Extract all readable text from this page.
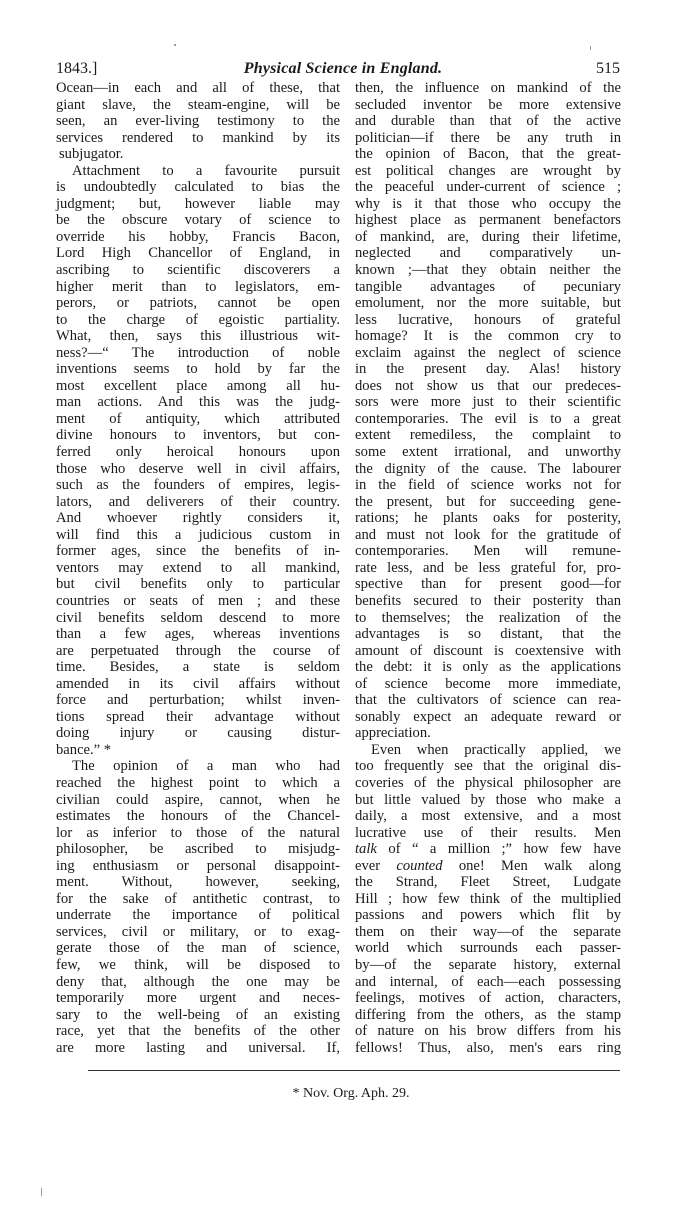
1843.]	Physical Science in England.	515
Ocean—in each and all of these, that
giant slave, the steam-engine, will be
seen, an ever-living testimony to the
services rendered to mankind by its
subjugator.
Attachment to a favourite pursuit
is undoubtedly calculated to bias the
judgment; but, however liable may
be the obscure votary of science to
override his hobby, Francis Bacon,
Lord High Chancellor of England, in
ascribing to scientific discoverers a
higher merit than to legislators, em-
perors, or patriots, cannot be open
to the charge of egoistic partiality.
What, then, says this illustrious wit-
ness?—“ The introduction of noble
inventions seems to hold by far the
most excellent place among all hu-
man actions. And this was the judg-
ment of antiquity, which attributed
divine honours to inventors, but con-
ferred only heroical honours upon
those who deserve well in civil affairs,
such as the founders of empires, legis-
lators, and deliverers of their country.
And whoever rightly considers it,
will find this a judicious custom in
former ages, since the benefits of in-
ventors may extend to all mankind,
but civil benefits only to particular
countries or seats of men ; and these
civil benefits seldom descend to more
than a few ages, whereas inventions
are perpetuated through the course of
time. Besides, a state is seldom
amended in its civil affairs without
force and perturbation; whilst inven-
tions spread their advantage without
doing injury or causing distur-
bance.” *
The opinion of a man who had
reached the highest point to which a
civilian could aspire, cannot, when he
estimates the honours of the Chancel-
lor as inferior to those of the natural
philosopher, be ascribed to misjudg-
ing enthusiasm or personal disappoint-
ment. Without, however, seeking,
for the sake of antithetic contrast, to
underrate the importance of political
services, civil or military, or to exag-
gerate those of the man of science,
few, we think, will be disposed to
deny that, although the one may be
temporarily more urgent and neces-
sary to the well-being of an existing
race, yet that the benefits of the other
are more lasting and universal. If,
then, the influence on mankind of the
secluded inventor be more extensive
and durable than that of the active
politician—if there be any truth in
the opinion of Bacon, that the great-
est political changes are wrought by
the peaceful under-current of science ;
why is it that those who occupy the
highest place as permanent benefactors
of mankind, are, during their lifetime,
neglected and comparatively un-
known ;—that they obtain neither the
tangible advantages of pecuniary
emolument, nor the more suitable, but
less lucrative, honours of grateful
homage? It is the common cry to
exclaim against the neglect of science
in the present day. Alas! history
does not show us that our predeces-
sors were more just to their scientific
contemporaries. The evil is to a great
extent remediless, the complaint to
some extent irrational, and unworthy
the dignity of the cause. The labourer
in the field of science works not for
the present, but for succeeding gene-
rations; he plants oaks for posterity,
and must not look for the gratitude of
contemporaries. Men will remune-
rate less, and be less grateful for, pro-
spective than for present good—for
benefits secured to their posterity than
to themselves; the realization of the
advantages is so distant, that the
amount of discount is coextensive with
the debt: it is only as the applications
of science become more immediate,
that the cultivators of science can rea-
sonably expect an adequate reward or
appreciation.
Even when practically applied, we
too frequently see that the original dis-
coveries of the physical philosopher are
but little valued by those who make a
daily, a most extensive, and a most
lucrative use of their results. Men
talk of “ a million ;” how few have
ever counted one! Men walk along
the Strand, Fleet Street, Ludgate
Hill ; how few think of the multiplied
passions and powers which flit by
them on their way—of the separate
world which surrounds each passer-
by—of the separate history, external
and internal, of each—each possessing
feelings, motives of action, characters,
differing from the others, as the stamp
of nature on his brow differs from his
fellows! Thus, also, men's ears ring
* Nov. Org. Aph. 29.
